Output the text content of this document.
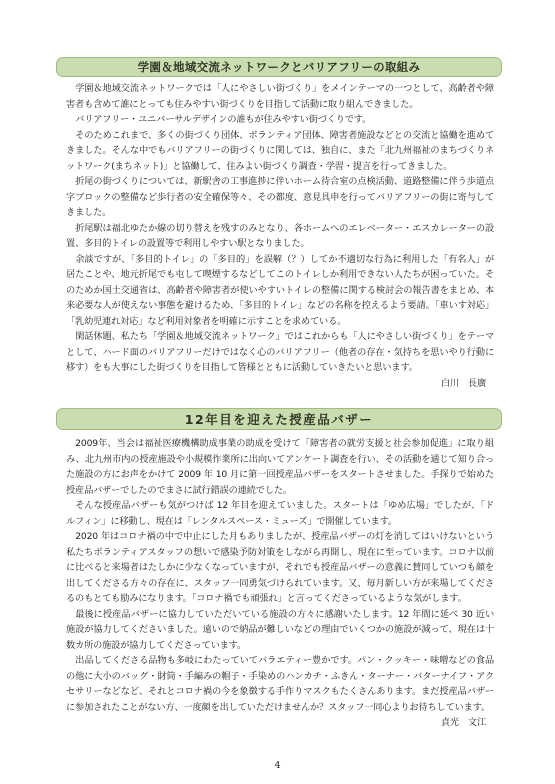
学園＆地域交流ネットワークとバリアフリーの取組み

学園＆地域交流ネットワークでは「人にやさしい街づくり」をメインテーマの一つとして、高齢者や障害者も含めて誰にとっても住みやすい街づくりを目指して活動に取り組んできました。

バリアフリー・ユニバーサルデザインの誰もが住みやすい街づくりです。

そのためこれまで、多くの街づくり団体、ボランティア団体、障害者施設などとの交流と協働を進めてきました。そんな中でもバリアフリーの街づくりに関しては、独自に、また「北九州福祉のまちづくりネットワーク(まちネット)」と協働して、住みよい街づくり調査・学習・提言を行ってきました。

折尾の街づくりについては、新駅舎の工事進捗に伴いホーム待合室の点検活動、道路整備に伴う歩道点字ブロックの整備など歩行者の安全確保等々、その都度、意見具申を行ってバリアフリーの街に寄与してきました。

折尾駅は福北ゆたか線の切り替えを残すのみとなり、各ホームへのエレベーター・エスカレーターの設置、多目的トイレの設置等で利用しやすい駅となりました。

余談ですが、「多目的トイレ」の「多目的」を誤解（？）してか不適切な行為に利用した「有名人」が居たことや、地元折尾でも屯して喫煙するなどしてこのトイレしか利用できない人たちが困っていた。そのためか国土交通省は、高齢者や障害者が使いやすいトイレの整備に関する検討会の報告書をまとめ、本来必要な人が使えない事態を避けるため、「多目的トイレ」などの名称を控えるよう要請。「車いす対応」「乳幼児連れ対応」など利用対象者を明確に示すことを求めている。

閑話休題、私たち「学園＆地域交流ネットワーク」ではこれからも「人にやさしい街づくり」をテーマとして、ハード面のバリアフリーだけではなく心のバリアフリー（他者の存在・気持ちを思いやり行動に移す）をも大事にした街づくりを目指して皆様とともに活動していきたいと思います。

白川　長廣

12年目を迎えた授産品バザー

2009年、当会は福祉医療機構助成事業の助成を受けて「障害者の就労支援と社会参加促進」に取り組み、北九州市内の授産施設や小規模作業所に出向いてアンケート調査を行い、その活動を通じて知り合った施設の方にお声をかけて 2009 年 10 月に第一回授産品バザーをスタートさせました。手探りで始めた授産品バザーでしたのでまさに試行錯誤の連続でした。

そんな授産品バザーも気がつけば 12 年目を迎えていました。スタートは「ゆめ広場」でしたが、「ドルフィン」に移動し、現在は「レンタルスペース・ミューズ」で開催しています。

2020 年はコロナ禍の中で中止にした月もありましたが、授産品バザーの灯を消してはいけないという私たちボランティアスタッフの想いで感染予防対策をしながら再開し、現在に至っています。コロナ以前に比べると来場者はたしかに少なくなっていますが、それでも授産品バザーの意義に賛同していつも顔を出してくださる方々の存在に、スタッフ一同勇気づけられています。又、毎月新しい方が来場してくださるのもとても励みになります。「コロナ禍でも頑張れ」と言ってくださっているような気がします。

最後に授産品バザーに協力していただいている施設の方々に感謝いたします。12 年間に延べ 30 近い施設が協力してくださいました。遠いので納品が難しいなどの理由でいくつかの施設が減って、現在は十数カ所の施設が協力してくださっています。

出品してくださる品物も多岐にわたっていてバラエティー豊かです。パン・クッキー・味噌などの食品の他に大小のバッグ・財筒・手編みの帽子・手染めのハンカチ・ふきん・ターナー・バターナイフ・アクセサリーなどなど、それとコロナ禍の今を象徴する手作りマスクもたくさんあります。まだ授産品バザーに参加されたことがない方、一度顔を出していただけませんか？スタッフ一同心よりお待ちしています。

貞光　文江

4
